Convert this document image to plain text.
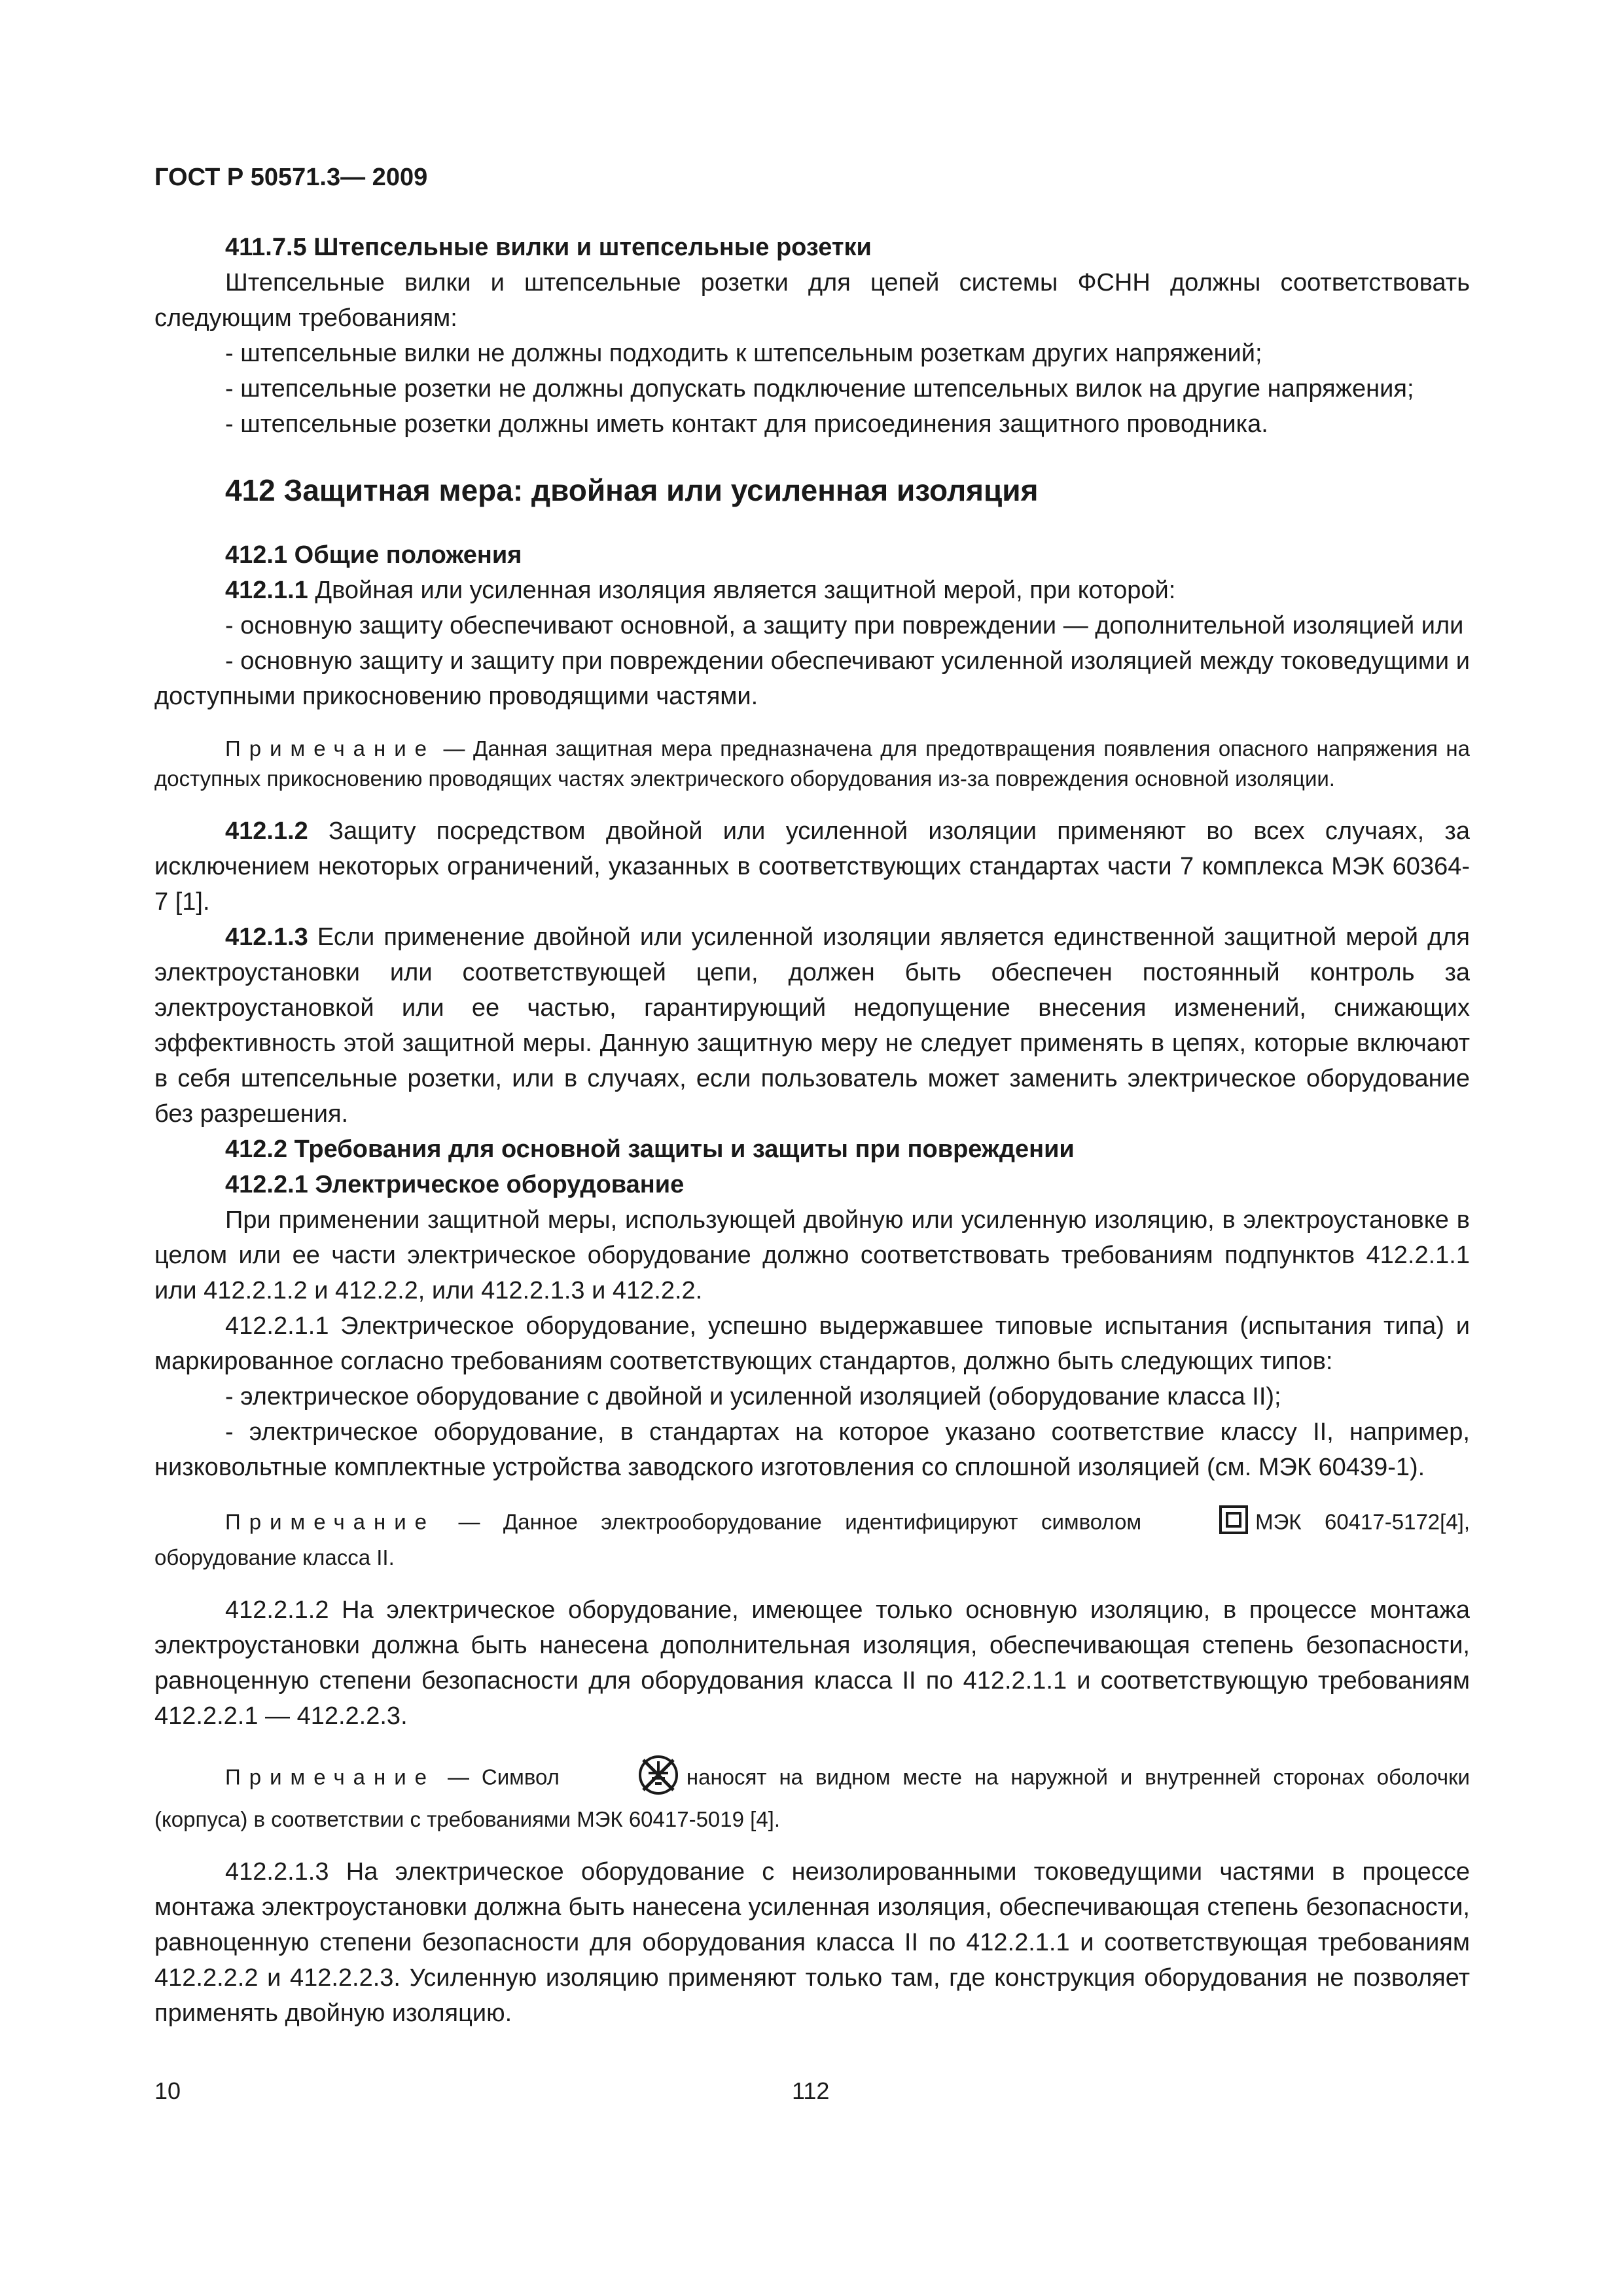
ГОСТ Р 50571.3— 2009

411.7.5 Штепсельные вилки и штепсельные розетки

Штепсельные вилки и штепсельные розетки для цепей системы ФСНН должны соответствовать следующим требованиям:

- штепсельные вилки не должны подходить к штепсельным розеткам других напряжений;

- штепсельные розетки не должны допускать подключение штепсельных вилок на другие напряжения;

- штепсельные розетки должны иметь контакт для присоединения защитного проводника.

412 Защитная мера: двойная или усиленная изоляция

412.1 Общие положения

412.1.1 Двойная или усиленная изоляция является защитной мерой, при которой:

- основную защиту обеспечивают основной, а защиту при повреждении — дополнительной изоляцией или

- основную защиту и защиту при повреждении обеспечивают усиленной изоляцией между токоведущими и доступными прикосновению проводящими частями.

Примечание — Данная защитная мера предназначена для предотвращения появления опасного напряжения на доступных прикосновению проводящих частях электрического оборудования из-за повреждения основной изоляции.

412.1.2 Защиту посредством двойной или усиленной изоляции применяют во всех случаях, за исключением некоторых ограничений, указанных в соответствующих стандартах части 7 комплекса МЭК 60364-7 [1].

412.1.3 Если применение двойной или усиленной изоляции является единственной защитной мерой для электроустановки или соответствующей цепи, должен быть обеспечен постоянный контроль за электроустановкой или ее частью, гарантирующий недопущение внесения изменений, снижающих эффективность этой защитной меры. Данную защитную меру не следует применять в цепях, которые включают в себя штепсельные розетки, или в случаях, если пользователь может заменить электрическое оборудование без разрешения.

412.2 Требования для основной защиты и защиты при повреждении

412.2.1 Электрическое оборудование

При применении защитной меры, использующей двойную или усиленную изоляцию, в электроустановке в целом или ее части электрическое оборудование должно соответствовать требованиям подпунктов 412.2.1.1 или 412.2.1.2 и 412.2.2, или 412.2.1.3 и 412.2.2.

412.2.1.1 Электрическое оборудование, успешно выдержавшее типовые испытания (испытания типа) и маркированное согласно требованиям соответствующих стандартов, должно быть следующих типов:

- электрическое оборудование с двойной и усиленной изоляцией (оборудование класса II);

- электрическое оборудование, в стандартах на которое указано соответствие классу II, например, низковольтные комплектные устройства заводского изготовления со сплошной изоляцией (см. МЭК 60439-1).

Примечание — Данное электрооборудование идентифицируют символом	МЭК 60417-5172[4], оборудование класса II.

412.2.1.2 На электрическое оборудование, имеющее только основную изоляцию, в процессе монтажа электроустановки должна быть нанесена дополнительная изоляция, обеспечивающая степень безопасности, равноценную степени безопасности для оборудования класса II по 412.2.1.1 и соответствующую требованиям 412.2.2.1 — 412.2.2.3.

Примечание — Символ	наносят на видном месте на наружной и внутренней сторонах оболочки (корпуса) в соответствии с требованиями МЭК 60417-5019 [4].

412.2.1.3 На электрическое оборудование с неизолированными токоведущими частями в процессе монтажа электроустановки должна быть нанесена усиленная изоляция, обеспечивающая степень безопасности, равноценную степени безопасности для оборудования класса II по 412.2.1.1 и соответствующая требованиям 412.2.2.2 и 412.2.2.3. Усиленную изоляцию применяют только там, где конструкция оборудования не позволяет применять двойную изоляцию.

10	112
